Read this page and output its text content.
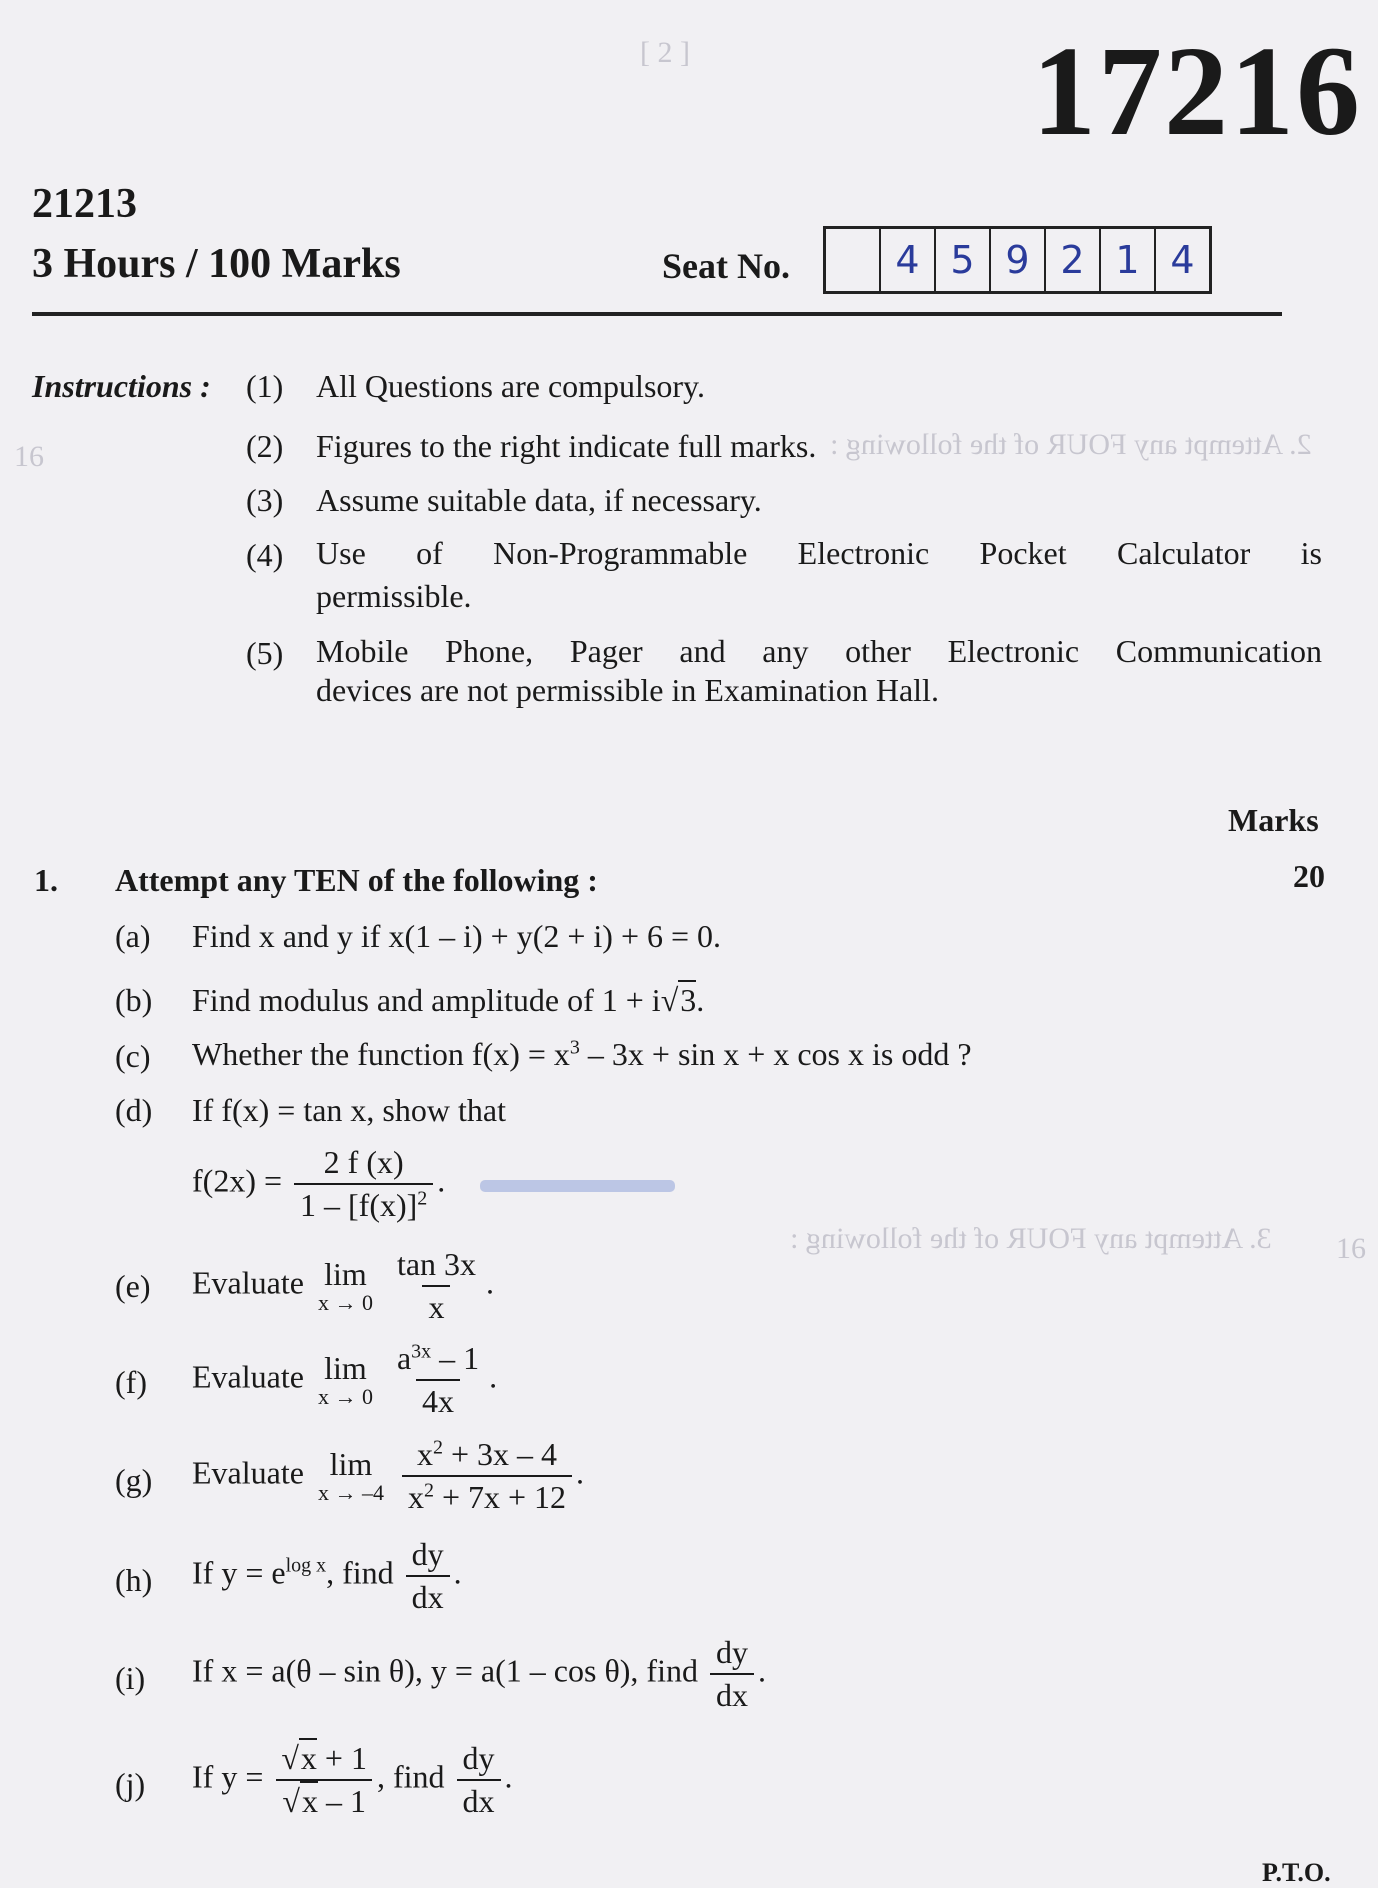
[ 2 ]
2. Attempt any FOUR of the following :
3. Attempt any FOUR of the following :
16
16
17216
21213
3 Hours / 100 Marks	Seat No.	4 5 9 2 1 4
Instructions : (1) All Questions are compulsory.
(2) Figures to the right indicate full marks.
(3) Assume suitable data, if necessary.
(4) Use of Non-Programmable Electronic Pocket Calculator is
permissible.
(5) Mobile Phone, Pager and any other Electronic Communication
devices are not permissible in Examination Hall.
Marks
1. Attempt any TEN of the following :	20
(a) Find x and y if x(1 – i) + y(2 + i) + 6 = 0.
(b) Find modulus and amplitude of 1 + i√3.
(c) Whether the function $f(x) = x^3 - 3x + \sin x + x$ cos x is odd ?
(d) If f(x) = tan x, show that
$f(2x) = \frac{2 f (x)}{1 - [f(x)]^2}$ .
(e) Evaluate lim
x → 0
$\frac{\tan 3x}{x}$ .
(f) Evaluate lim
x → 0
$\frac{a^{3x} - 1}{4x}$ .
(g) Evaluate lim
x → –4
$\frac{x^2 + 3x - 4}{x^2 + 7x + 12}$ .
(h) If $y = e^{log x}$, find $\frac{dy}{dx}$ .
(i) If x = a(θ – sin θ), y = a(1 – cos θ), find $\frac{dy}{dx}$ .
(j) If $y = \frac{√x + 1}{√x - 1}$ , find $\frac{dy}{dx}$ .
P.T.O.
